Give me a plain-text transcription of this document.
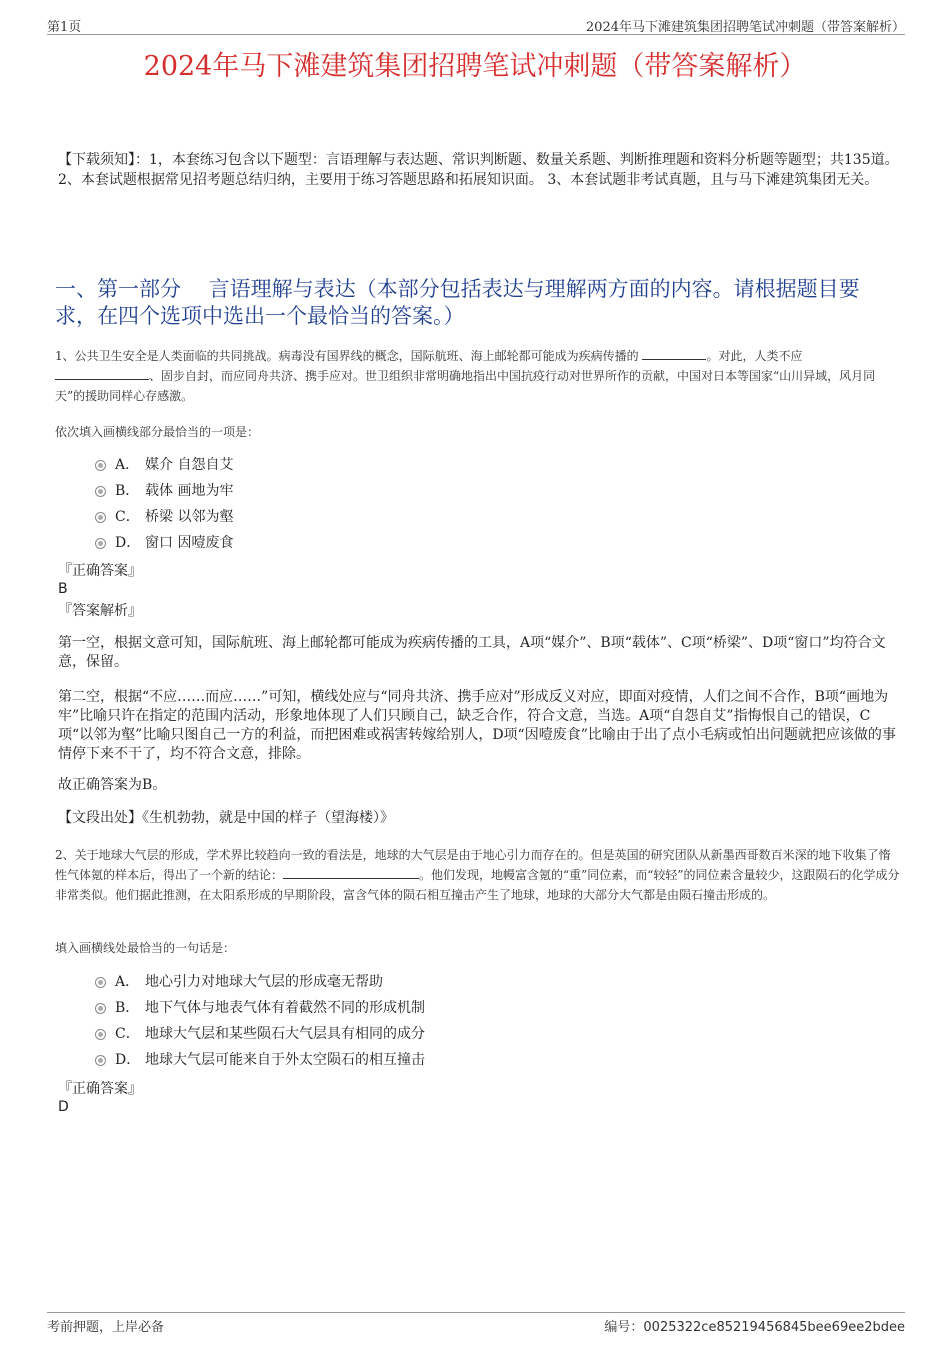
第1页	2024年马下滩建筑集团招聘笔试冲刺题（带答案解析）
2024年马下滩建筑集团招聘笔试冲刺题（带答案解析）
【下载须知】：1，本套练习包含以下题型：言语理解与表达题、常识判断题、数量关系题、判断推理题和资料分析题等题型；共135道。 2、本套试题根据常见招考题总结归纳，主要用于练习答题思路和拓展知识面。 3、本套试题非考试真题，且与马下滩建筑集团无关。
一、第一部分　 言语理解与表达（本部分包括表达与理解两方面的内容。请根据题目要求，在四个选项中选出一个最恰当的答案。）
1、公共卫生安全是人类面临的共同挑战。病毒没有国界线的概念，国际航班、海上邮轮都可能成为疾病传播的	。对此，人类不应
、固步自封，而应同舟共济、携手应对。世卫组织非常明确地指出中国抗疫行动对世界所作的贡献，中国对日本等国家“山川异域，风月同天”的援助同样心存感激。
依次填入画横线部分最恰当的一项是：
A． 媒介 自怨自艾
B． 载体 画地为牢
C． 桥梁 以邻为壑
D． 窗口 因噎废食
『正确答案』
B
『答案解析』
第一空，根据文意可知，国际航班、海上邮轮都可能成为疾病传播的工具，A项“媒介”、B项“载体”、C项“桥梁”、D项“窗口”均符合文意，保留。
第二空，根据“不应……而应……”可知，横线处应与“同舟共济、携手应对”形成反义对应，即面对疫情，人们之间不合作，B项“画地为牢”比喻只许在指定的范围内活动，形象地体现了人们只顾自己，缺乏合作，符合文意，当选。A项“自怨自艾”指悔恨自己的错误，C项“以邻为壑”比喻只图自己一方的利益，而把困难或祸害转嫁给别人，D项“因噎废食”比喻由于出了点小毛病或怕出问题就把应该做的事情停下来不干了，均不符合文意，排除。
故正确答案为B。
【文段出处】《生机勃勃，就是中国的样子（望海楼）》
2、关于地球大气层的形成，学术界比较趋向一致的看法是，地球的大气层是由于地心引力而存在的。但是英国的研究团队从新墨西哥数百米深的地下收集了惰性气体氪的样本后，得出了一个新的结论：	。他们发现，地幔富含氪的“重”同位素，而“较轻”的同位素含量较少，这跟陨石的化学成分非常类似。他们据此推测，在太阳系形成的早期阶段，富含气体的陨石相互撞击产生了地球，地球的大部分大气都是由陨石撞击形成的。
填入画横线处最恰当的一句话是：
A． 地心引力对地球大气层的形成毫无帮助
B． 地下气体与地表气体有着截然不同的形成机制
C． 地球大气层和某些陨石大气层具有相同的成分
D． 地球大气层可能来自于外太空陨石的相互撞击
『正确答案』
D
考前押题，上岸必备	编号：0025322ce85219456845bee69ee2bdee
